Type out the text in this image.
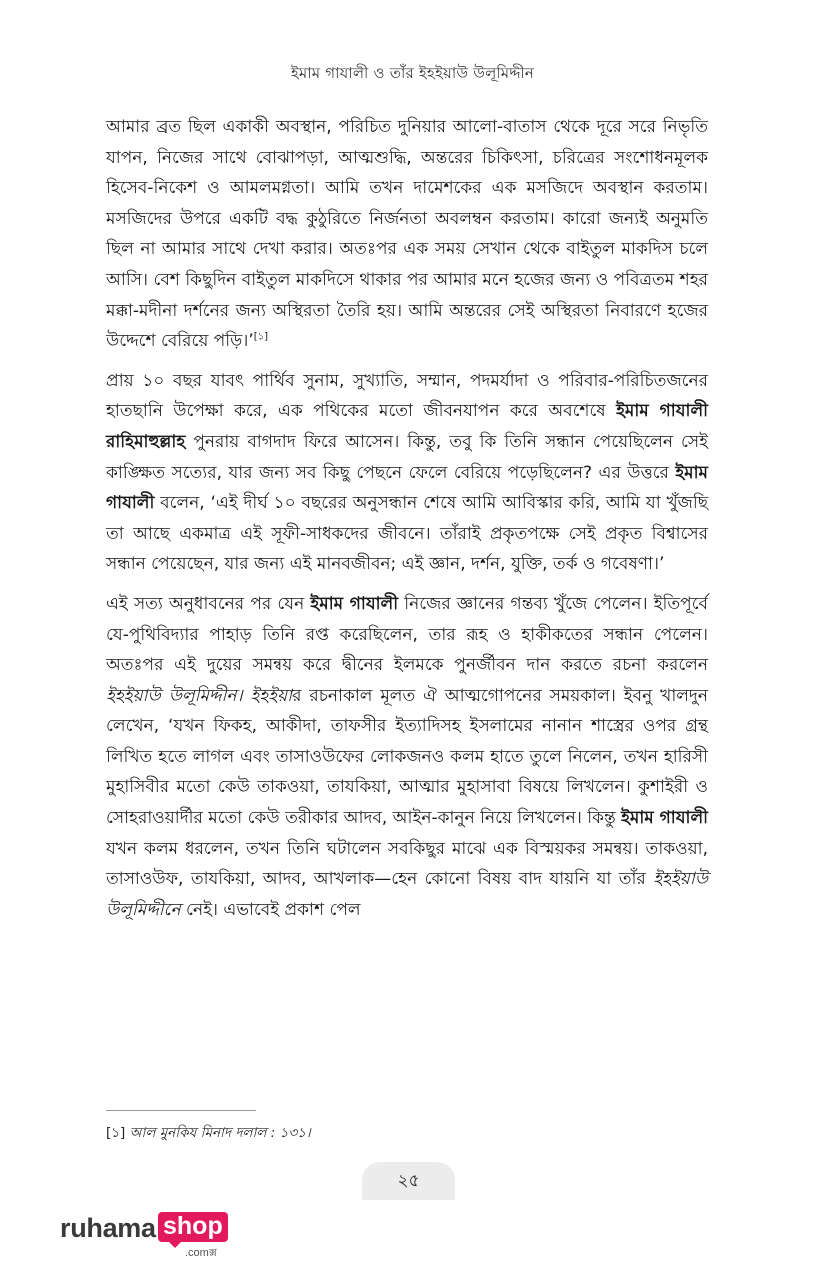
ইমাম গাযালী ও তাঁর ইহইয়াউ উলূমিদ্দীন

আমার ব্রত ছিল একাকী অবস্থান, পরিচিত দুনিয়ার আলো-বাতাস থেকে দূরে সরে নিভৃতি যাপন, নিজের সাথে বোঝাপড়া, আত্মশুদ্ধি, অন্তরের চিকিৎসা, চরিত্রের সংশোধনমূলক হিসেব-নিকেশ ও আমলমগ্নতা। আমি তখন দামেশকের এক মসজিদে অবস্থান করতাম। মসজিদের উপরে একটি বদ্ধ কুঠুরিতে নির্জনতা অবলম্বন করতাম। কারো জন্যই অনুমতি ছিল না আমার সাথে দেখা করার। অতঃপর এক সময় সেখান থেকে বাইতুল মাকদিস চলে আসি। বেশ কিছুদিন বাইতুল মাকদিসে থাকার পর আমার মনে হজের জন্য ও পবিত্রতম শহর মক্কা-মদীনা দর্শনের জন্য অস্থিরতা তৈরি হয়। আমি অন্তরের সেই অস্থিরতা নিবারণে হজের উদ্দেশে বেরিয়ে পড়ি।’[১]

প্রায় ১০ বছর যাবৎ পার্থিব সুনাম, সুখ্যাতি, সম্মান, পদমর্যাদা ও পরিবার-পরিচিতজনের হাতছানি উপেক্ষা করে, এক পথিকের মতো জীবনযাপন করে অবশেষে ইমাম গাযালী রাহিমাহুল্লাহ পুনরায় বাগদাদ ফিরে আসেন। কিন্তু, তবু কি তিনি সন্ধান পেয়েছিলেন সেই কাঙ্ক্ষিত সত্যের, যার জন্য সব কিছু পেছনে ফেলে বেরিয়ে পড়েছিলেন? এর উত্তরে ইমাম গাযালী বলেন, ‘এই দীর্ঘ ১০ বছরের অনুসন্ধান শেষে আমি আবিস্কার করি, আমি যা খুঁজছি তা আছে একমাত্র এই সূফী-সাধকদের জীবনে। তাঁরাই প্রকৃতপক্ষে সেই প্রকৃত বিশ্বাসের সন্ধান পেয়েছেন, যার জন্য এই মানবজীবন; এই জ্ঞান, দর্শন, যুক্তি, তর্ক ও গবেষণা।’

এই সত্য অনুধাবনের পর যেন ইমাম গাযালী নিজের জ্ঞানের গন্তব্য খুঁজে পেলেন। ইতিপূর্বে যে-পুথিবিদ্যার পাহাড় তিনি রপ্ত করেছিলেন, তার রূহ ও হাকীকতের সন্ধান পেলেন। অতঃপর এই দুয়ের সমন্বয় করে দ্বীনের ইলমকে পুনর্জীবন দান করতে রচনা করলেন ইহইয়াউ উলূমিদ্দীন। ইহইয়ার রচনাকাল মূলত ঐ আত্মগোপনের সময়কাল। ইবনু খালদুন লেখেন, ‘যখন ফিকহ, আকীদা, তাফসীর ইত্যাদিসহ ইসলামের নানান শাস্ত্রের ওপর গ্রন্থ লিখিত হতে লাগল এবং তাসাওউফের লোকজনও কলম হাতে তুলে নিলেন, তখন হারিসী মুহাসিবীর মতো কেউ তাকওয়া, তাযকিয়া, আত্মার মুহাসাবা বিষয়ে লিখলেন। কুশাইরী ও সোহরাওয়ার্দীর মতো কেউ তরীকার আদব, আইন-কানুন নিয়ে লিখলেন। কিন্তু ইমাম গাযালী যখন কলম ধরলেন, তখন তিনি ঘটালেন সবকিছুর মাঝে এক বিস্ময়কর সমন্বয়। তাকওয়া, তাসাওউফ, তাযকিয়া, আদব, আখলাক—হেন কোনো বিষয় বাদ যায়নি যা তাঁর ইহইয়াউ উলূমিদ্দীনে নেই। এভাবেই প্রকাশ পেল

[১] আল মুনকিয মিনাদ দলাল : ১৩১।
২৫
ruhama shop
.comক্স
